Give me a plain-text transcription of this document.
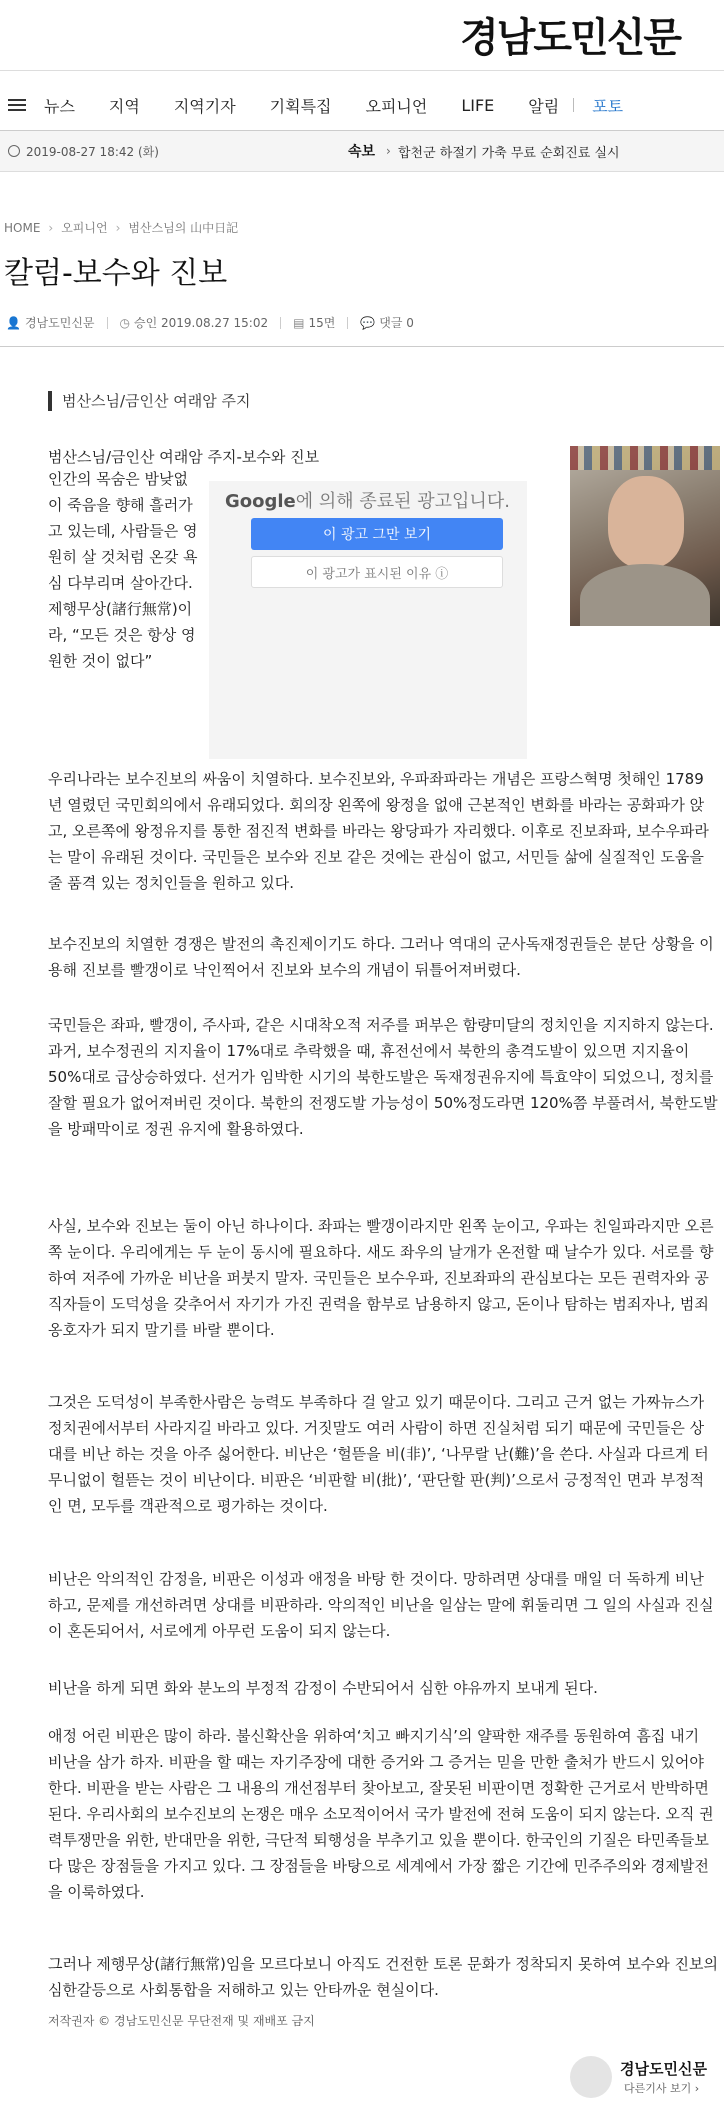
경남도민신문
뉴스 지역 지역기자 기획특집 오피니언 LIFE 알림 포토
2019-08-27 18:42 (화)	속보 › 합천군 하절기 가축 무료 순회진료 실시
HOME › 오피니언 › 범산스님의 山中日記
칼럼-보수와 진보
👤 경남도민신문 ◷ 승인 2019.08.27 15:02 ▤ 15면 💬 댓글 0
범산스님/금인산 여래암 주지
범산스님/금인산 여래암 주지-보수와 진보
인간의 목숨은 밤낮없이 죽음을 향해 흘러가고 있는데, 사람들은 영원히 살 것처럼 온갖 욕심 다부리며 살아간다. 제행무상(諸行無常)이라, “모든 것은 항상 영원한 것이 없다”
Google에 의해 종료된 광고입니다.
이 광고 그만 보기
이 광고가 표시된 이유 ⓘ
우리나라는 보수진보의 싸움이 치열하다. 보수진보와, 우파좌파라는 개념은 프랑스혁명 첫해인 1789년 열렸던 국민회의에서 유래되었다. 회의장 왼쪽에 왕정을 없애 근본적인 변화를 바라는 공화파가 앉고, 오른쪽에 왕정유지를 통한 점진적 변화를 바라는 왕당파가 자리했다. 이후로 진보좌파, 보수우파라는 말이 유래된 것이다. 국민들은 보수와 진보 같은 것에는 관심이 없고, 서민들 삶에 실질적인 도움을 줄 품격 있는 정치인들을 원하고 있다.
보수진보의 치열한 경쟁은 발전의 촉진제이기도 하다. 그러나 역대의 군사독재정권들은 분단 상황을 이용해 진보를 빨갱이로 낙인찍어서 진보와 보수의 개념이 뒤틀어져버렸다.
국민들은 좌파, 빨갱이, 주사파, 같은 시대착오적 저주를 퍼부은 함량미달의 정치인을 지지하지 않는다. 과거, 보수정권의 지지율이 17%대로 추락했을 때, 휴전선에서 북한의 총격도발이 있으면 지지율이 50%대로 급상승하였다. 선거가 임박한 시기의 북한도발은 독재정권유지에 특효약이 되었으니, 정치를 잘할 필요가 없어져버린 것이다. 북한의 전쟁도발 가능성이 50%정도라면 120%쯤 부풀려서, 북한도발을 방패막이로 정권 유지에 활용하였다.
사실, 보수와 진보는 둘이 아닌 하나이다. 좌파는 빨갱이라지만 왼쪽 눈이고, 우파는 친일파라지만 오른쪽 눈이다. 우리에게는 두 눈이 동시에 필요하다. 새도 좌우의 날개가 온전할 때 날수가 있다. 서로를 향하여 저주에 가까운 비난을 퍼붓지 말자. 국민들은 보수우파, 진보좌파의 관심보다는 모든 권력자와 공직자들이 도덕성을 갖추어서 자기가 가진 권력을 함부로 남용하지 않고, 돈이나 탐하는 범죄자나, 범죄옹호자가 되지 말기를 바랄 뿐이다.
그것은 도덕성이 부족한사람은 능력도 부족하다 걸 알고 있기 때문이다. 그리고 근거 없는 가짜뉴스가 정치권에서부터 사라지길 바라고 있다. 거짓말도 여러 사람이 하면 진실처럼 되기 때문에 국민들은 상대를 비난 하는 것을 아주 싫어한다. 비난은 ‘헐뜯을 비(非)’, ‘나무랄 난(難)’을 쓴다. 사실과 다르게 터무니없이 헐뜯는 것이 비난이다. 비판은 ‘비판할 비(批)’, ‘판단할 판(判)’으로서 긍정적인 면과 부정적인 면, 모두를 객관적으로 평가하는 것이다.
비난은 악의적인 감정을, 비판은 이성과 애정을 바탕 한 것이다. 망하려면 상대를 매일 더 독하게 비난하고, 문제를 개선하려면 상대를 비판하라. 악의적인 비난을 일삼는 말에 휘둘리면 그 일의 사실과 진실이 혼돈되어서, 서로에게 아무런 도움이 되지 않는다.
비난을 하게 되면 화와 분노의 부정적 감정이 수반되어서 심한 야유까지 보내게 된다.
애정 어린 비판은 많이 하라. 불신확산을 위하여‘치고 빠지기식’의 얄팍한 재주를 동원하여 흠집 내기 비난을 삼가 하자. 비판을 할 때는 자기주장에 대한 증거와 그 증거는 믿을 만한 출처가 반드시 있어야한다. 비판을 받는 사람은 그 내용의 개선점부터 찾아보고, 잘못된 비판이면 정확한 근거로서 반박하면 된다. 우리사회의 보수진보의 논쟁은 매우 소모적이어서 국가 발전에 전혀 도움이 되지 않는다. 오직 권력투쟁만을 위한, 반대만을 위한, 극단적 퇴행성을 부추기고 있을 뿐이다. 한국인의 기질은 타민족들보다 많은 장점들을 가지고 있다. 그 장점들을 바탕으로 세계에서 가장 짧은 기간에 민주주의와 경제발전을 이룩하였다.
그러나 제행무상(諸行無常)임을 모르다보니 아직도 건전한 토론 문화가 정착되지 못하여 보수와 진보의 심한갈등으로 사회통합을 저해하고 있는 안타까운 현실이다.
저작권자 © 경남도민신문 무단전재 및 재배포 금지
경남도민신문
다른기사 보기 ›
